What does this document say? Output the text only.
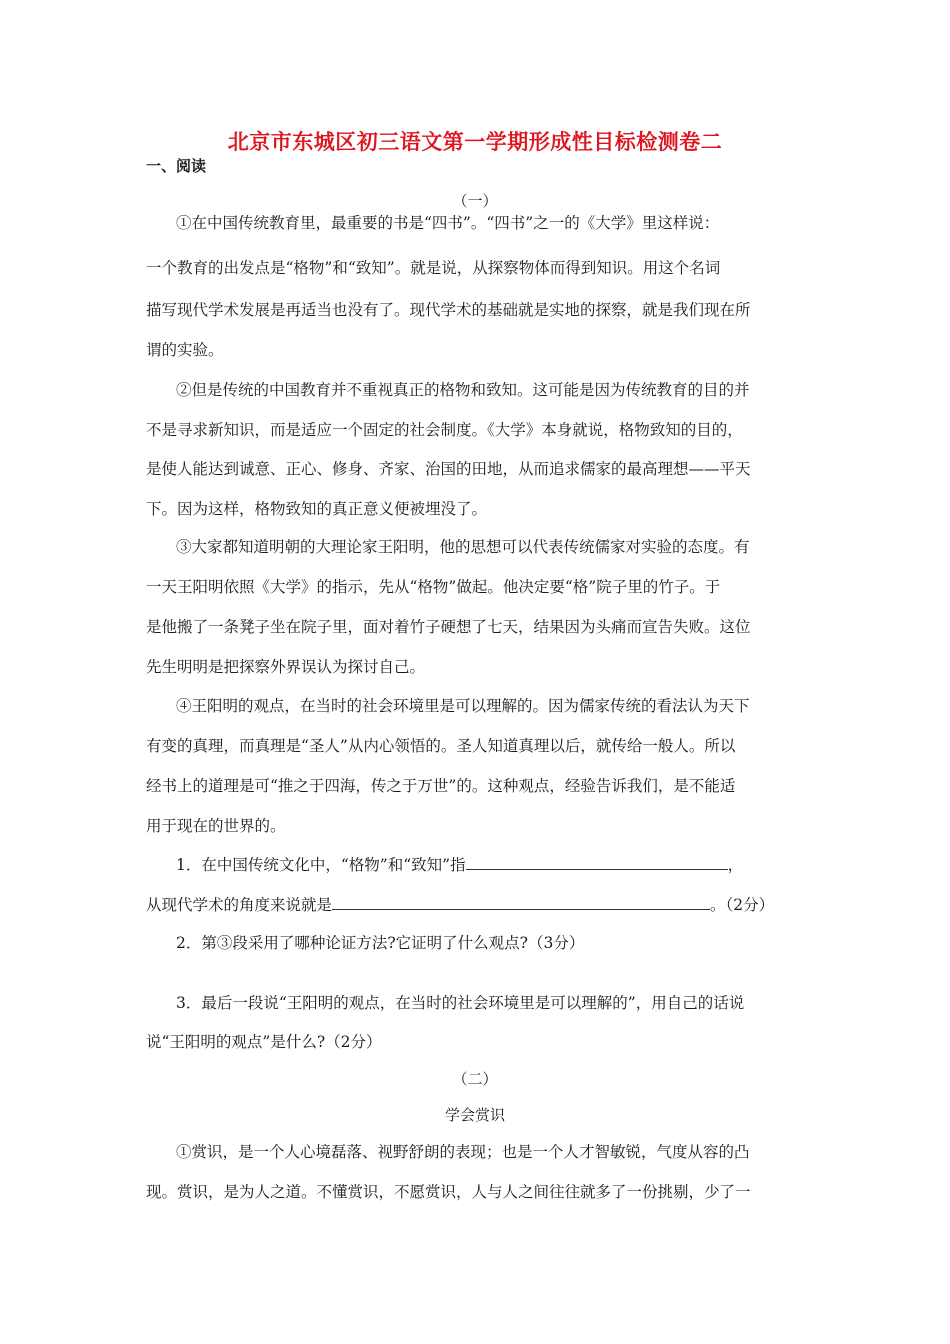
北京市东城区初三语文第一学期形成性目标检测卷二
一、阅读
（一）
①在中国传统教育里，最重要的书是“四书”。“四书”之一的《大学》里这样说：
一个教育的出发点是“格物”和“致知”。就是说，从探察物体而得到知识。用这个名词
描写现代学术发展是再适当也没有了。现代学术的基础就是实地的探察，就是我们现在所
谓的实验。
②但是传统的中国教育并不重视真正的格物和致知。这可能是因为传统教育的目的并
不是寻求新知识，而是适应一个固定的社会制度。《大学》本身就说，格物致知的目的，
是使人能达到诚意、正心、修身、齐家、治国的田地，从而追求儒家的最高理想——平天
下。因为这样，格物致知的真正意义便被埋没了。
③大家都知道明朝的大理论家王阳明，他的思想可以代表传统儒家对实验的态度。有
一天王阳明依照《大学》的指示，先从“格物”做起。他决定要“格”院子里的竹子。于
是他搬了一条凳子坐在院子里，面对着竹子硬想了七天，结果因为头痛而宣告失败。这位
先生明明是把探察外界误认为探讨自己。
④王阳明的观点，在当时的社会环境里是可以理解的。因为儒家传统的看法认为天下
有变的真理，而真理是“圣人”从内心领悟的。圣人知道真理以后，就传给一般人。所以
经书上的道理是可“推之于四海，传之于万世”的。这种观点，经验告诉我们，是不能适
用于现在的世界的。
1．在中国传统文化中，“格物”和“致知”指	，
从现代学术的角度来说就是	。（2分）
2．第③段采用了哪种论证方法?它证明了什么观点?（3分）
3．最后一段说“王阳明的观点，在当时的社会环境里是可以理解的”，用自己的话说
说“王阳明的观点”是什么?（2分）
（二）
学会赏识
①赏识，是一个人心境磊落、视野舒朗的表现；也是一个人才智敏锐，气度从容的凸
现。赏识，是为人之道。不懂赏识，不愿赏识，人与人之间往往就多了一份挑剔，少了一
